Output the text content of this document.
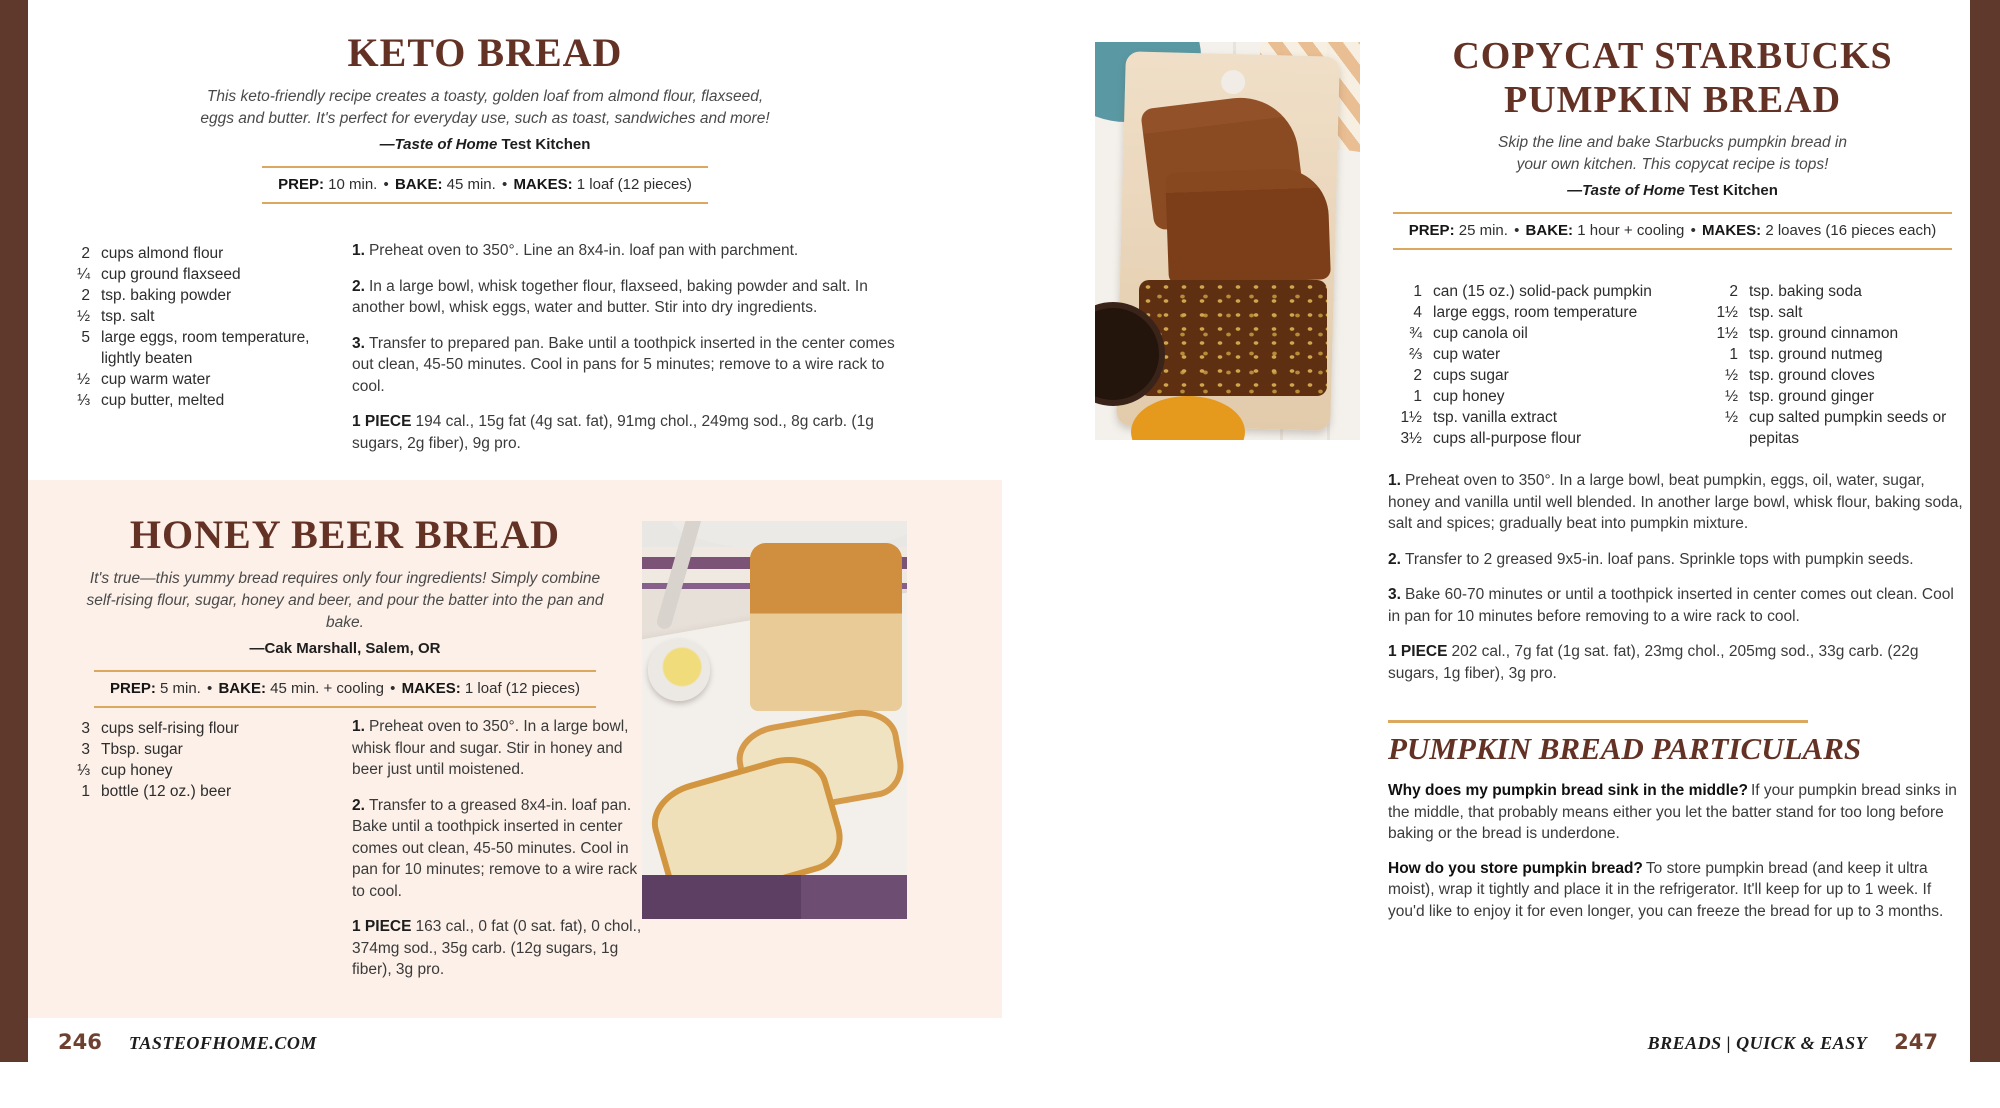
KETO BREAD
This keto-friendly recipe creates a toasty, golden loaf from almond flour, flaxseed,
eggs and butter. It's perfect for everyday use, such as toast, sandwiches and more!
—Taste of Home Test Kitchen
PREP: 10 min. • BAKE: 45 min. • MAKES: 1 loaf (12 pieces)
2 cups almond flour
¼ cup ground flaxseed
2 tsp. baking powder
½ tsp. salt
5 large eggs, room temperature, lightly beaten
½ cup warm water
⅓ cup butter, melted

1. Preheat oven to 350°. Line an 8x4-in. loaf pan with parchment.

2. In a large bowl, whisk together flour, flaxseed, baking powder and salt. In another bowl, whisk eggs, water and butter. Stir into dry ingredients.

3. Transfer to prepared pan. Bake until a toothpick inserted in the center comes out clean, 45-50 minutes. Cool in pans for 5 minutes; remove to a wire rack to cool.

1 PIECE 194 cal., 15g fat (4g sat. fat), 91mg chol., 249mg sod., 8g carb. (1g sugars, 2g fiber), 9g pro.

HONEY BEER BREAD
It's true—this yummy bread requires only four ingredients! Simply combine
self-rising flour, sugar, honey and beer, and pour the batter into the pan and bake.
—Cak Marshall, Salem, OR
PREP: 5 min. • BAKE: 45 min. + cooling • MAKES: 1 loaf (12 pieces)
3 cups self-rising flour
3 Tbsp. sugar
⅓ cup honey
1 bottle (12 oz.) beer

1. Preheat oven to 350°. In a large bowl, whisk flour and sugar. Stir in honey and beer just until moistened.

2. Transfer to a greased 8x4-in. loaf pan. Bake until a toothpick inserted in center comes out clean, 45-50 minutes. Cool in pan for 10 minutes; remove to a wire rack to cool.

1 PIECE 163 cal., 0 fat (0 sat. fat), 0 chol., 374mg sod., 35g carb. (12g sugars, 1g fiber), 3g pro.

246 TASTEOFHOME.COM
COPYCAT STARBUCKS
PUMPKIN BREAD
Skip the line and bake Starbucks pumpkin bread in
your own kitchen. This copycat recipe is tops!
—Taste of Home Test Kitchen
PREP: 25 min. • BAKE: 1 hour + cooling • MAKES: 2 loaves (16 pieces each)
1 can (15 oz.) solid-pack pumpkin
4 large eggs, room temperature
¾ cup canola oil
⅔ cup water
2 cups sugar
1 cup honey
1½ tsp. vanilla extract
3½ cups all-purpose flour
2 tsp. baking soda
1½ tsp. salt
1½ tsp. ground cinnamon
1 tsp. ground nutmeg
½ tsp. ground cloves
½ tsp. ground ginger
½ cup salted pumpkin seeds or pepitas

1. Preheat oven to 350°. In a large bowl, beat pumpkin, eggs, oil, water, sugar, honey and vanilla until well blended. In another large bowl, whisk flour, baking soda, salt and spices; gradually beat into pumpkin mixture.

2. Transfer to 2 greased 9x5-in. loaf pans. Sprinkle tops with pumpkin seeds.

3. Bake 60-70 minutes or until a toothpick inserted in center comes out clean. Cool in pan for 10 minutes before removing to a wire rack to cool.

1 PIECE 202 cal., 7g fat (1g sat. fat), 23mg chol., 205mg sod., 33g carb. (22g sugars, 1g fiber), 3g pro.

PUMPKIN BREAD PARTICULARS

Why does my pumpkin bread sink in the middle? If your pumpkin bread sinks in the middle, that probably means either you let the batter stand for too long before baking or the bread is underdone.

How do you store pumpkin bread? To store pumpkin bread (and keep it ultra moist), wrap it tightly and place it in the refrigerator. It'll keep for up to 1 week. If you'd like to enjoy it for even longer, you can freeze the bread for up to 3 months.

BREADS | QUICK & EASY 247
